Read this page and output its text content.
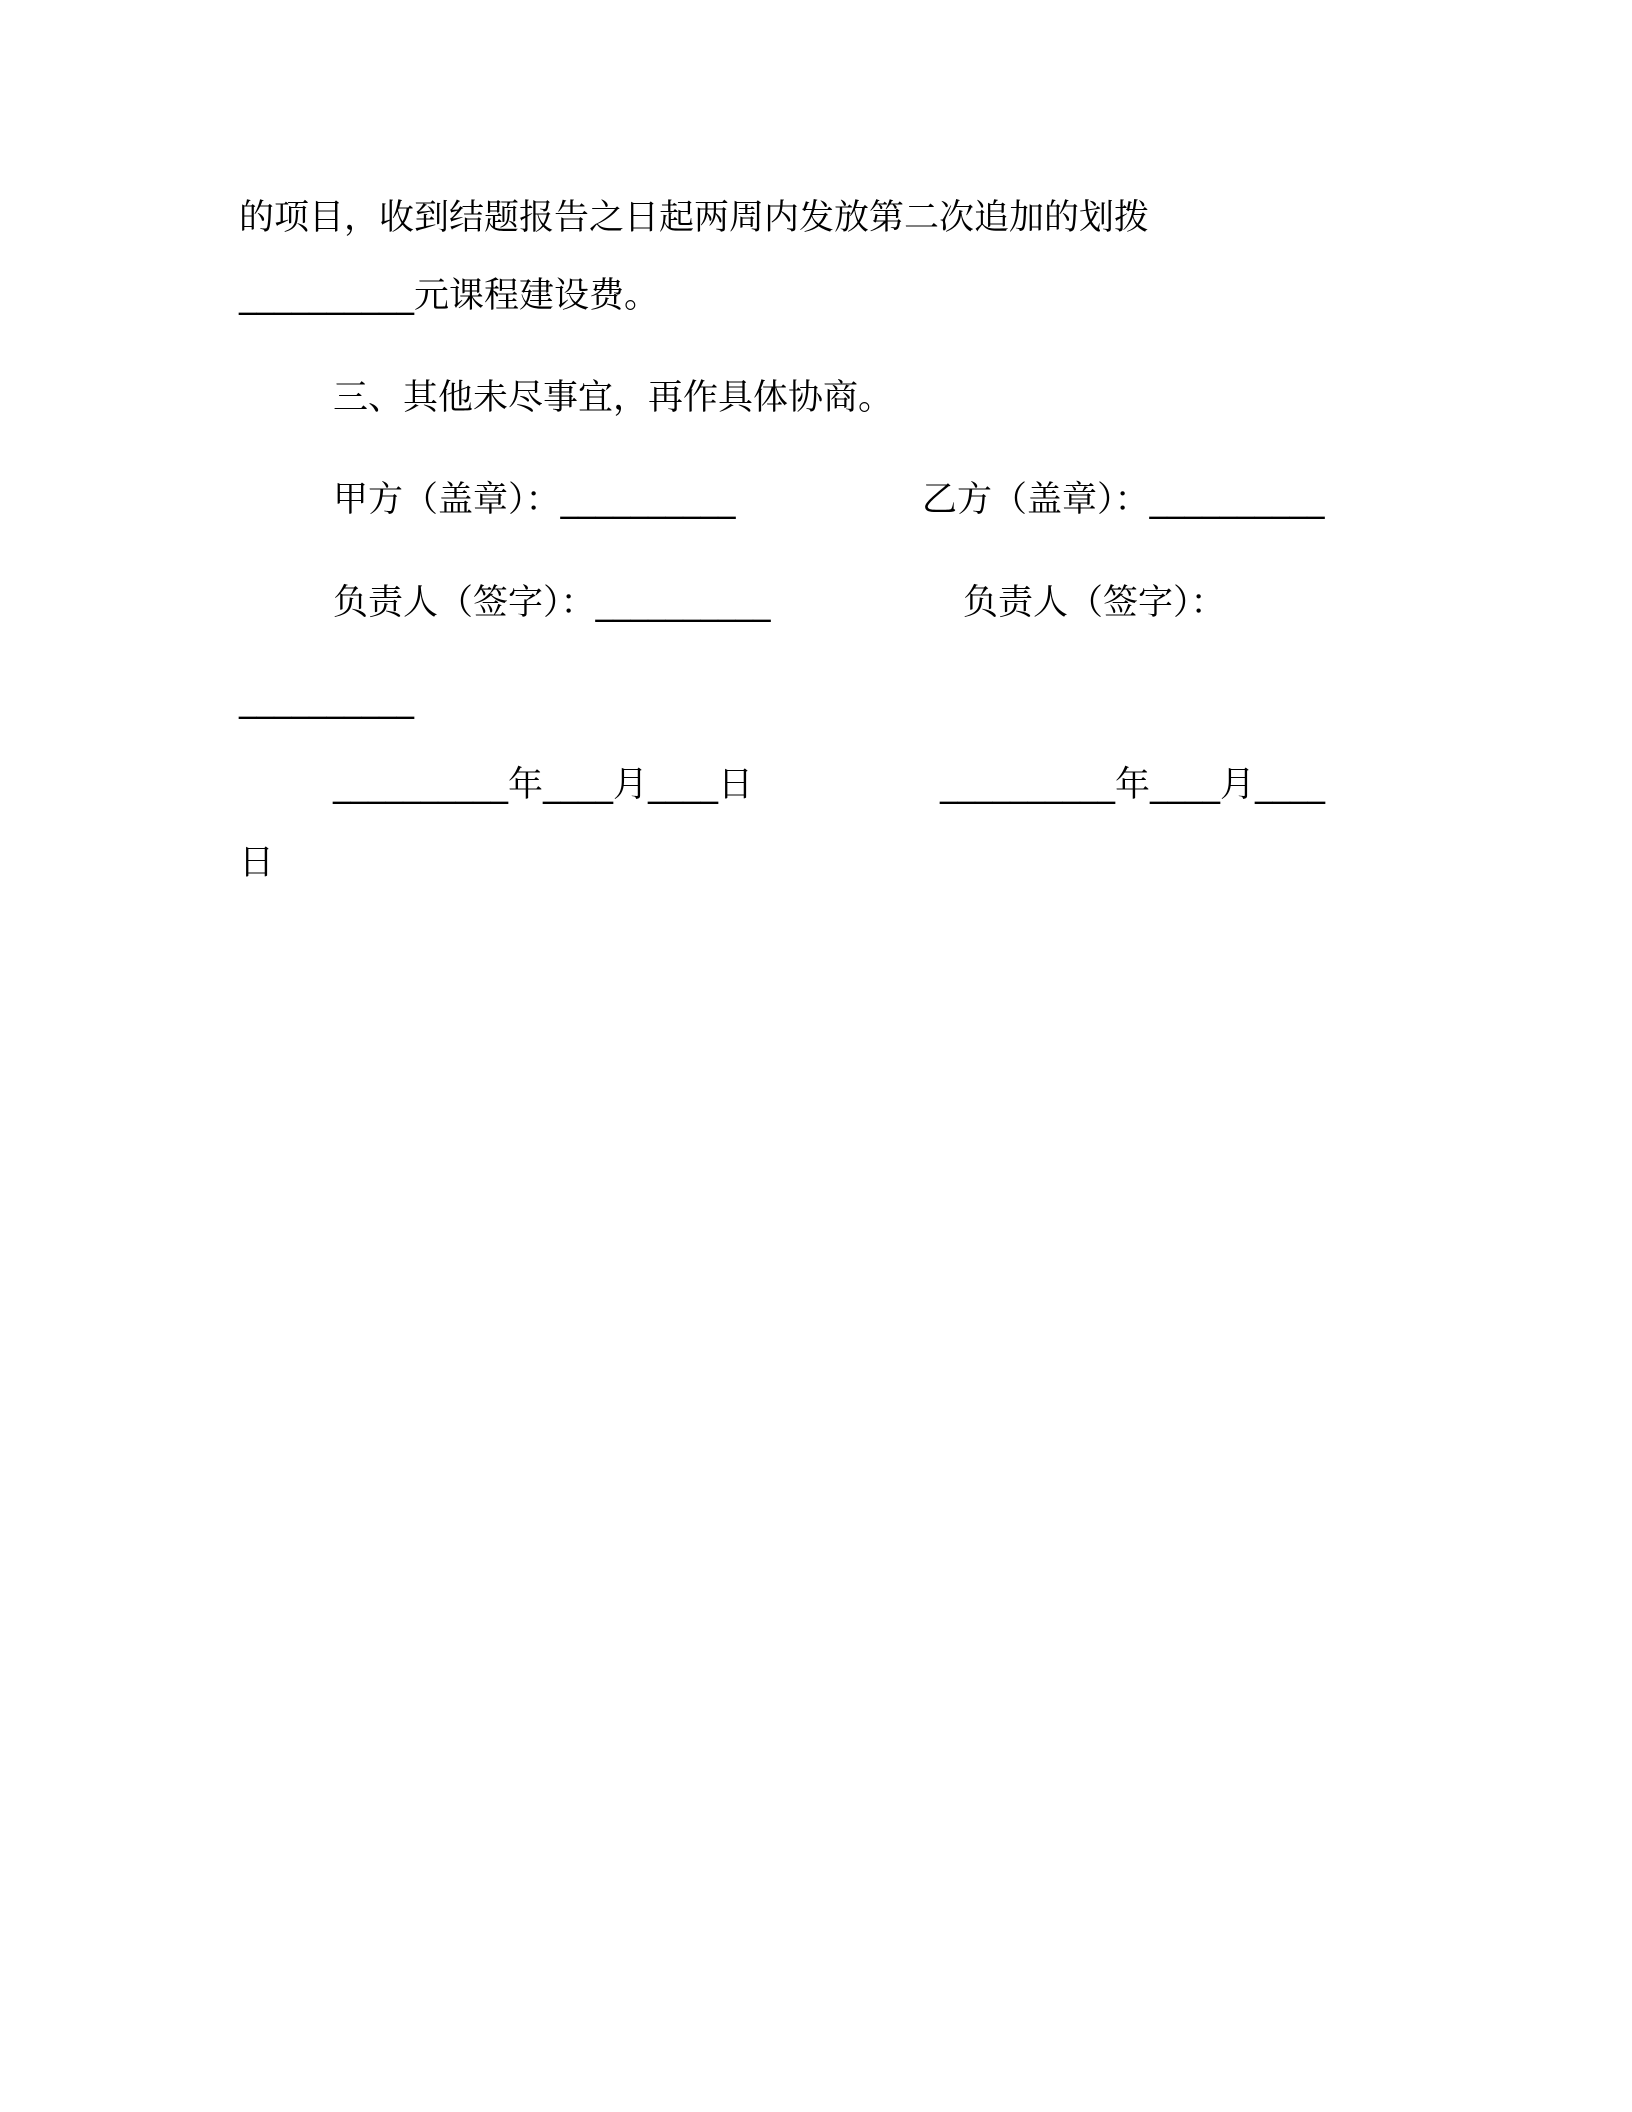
的项目，收到结题报告之日起两周内发放第二次追加的划拨
__________元课程建设费。
三、其他未尽事宜，再作具体协商。
甲方（盖章）：__________	乙方（盖章）：__________
负责人（签字）：__________	负责人（签字）：
__________
__________年____月____日	__________年____月____
日
